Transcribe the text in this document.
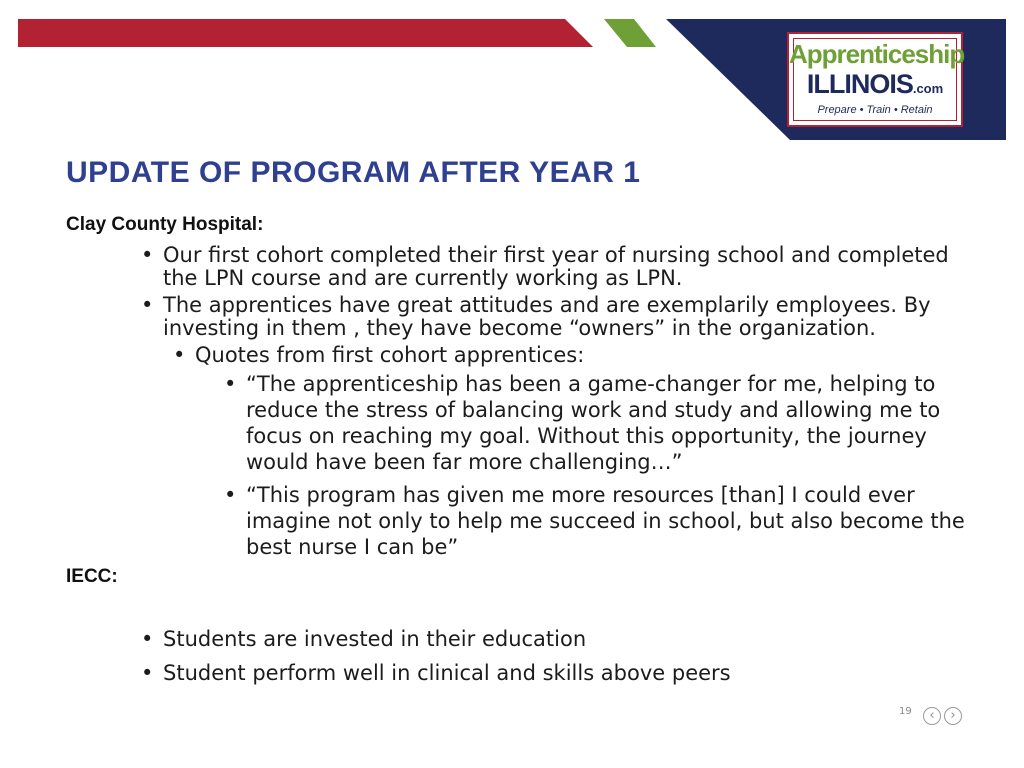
Apprenticeship
ILLINOIS.com
Prepare • Train • Retain
UPDATE OF PROGRAM AFTER YEAR 1
Clay County Hospital:
• Our first cohort completed their first year of nursing school and completed the LPN course and are currently working as LPN.
• The apprentices have great attitudes and are exemplarily employees. By investing in them , they have become “owners” in the organization.
• Quotes from first cohort apprentices:
• “The apprenticeship has been a game-changer for me, helping to reduce the stress of balancing work and study and allowing me to focus on reaching my goal. Without this opportunity, the journey would have been far more challenging…”
• “This program has given me more resources [than] I could ever imagine not only to help me succeed in school, but also become the best nurse I can be”
IECC:
• Students are invested in their education
• Student perform well in clinical and skills above peers
19	‹	›
